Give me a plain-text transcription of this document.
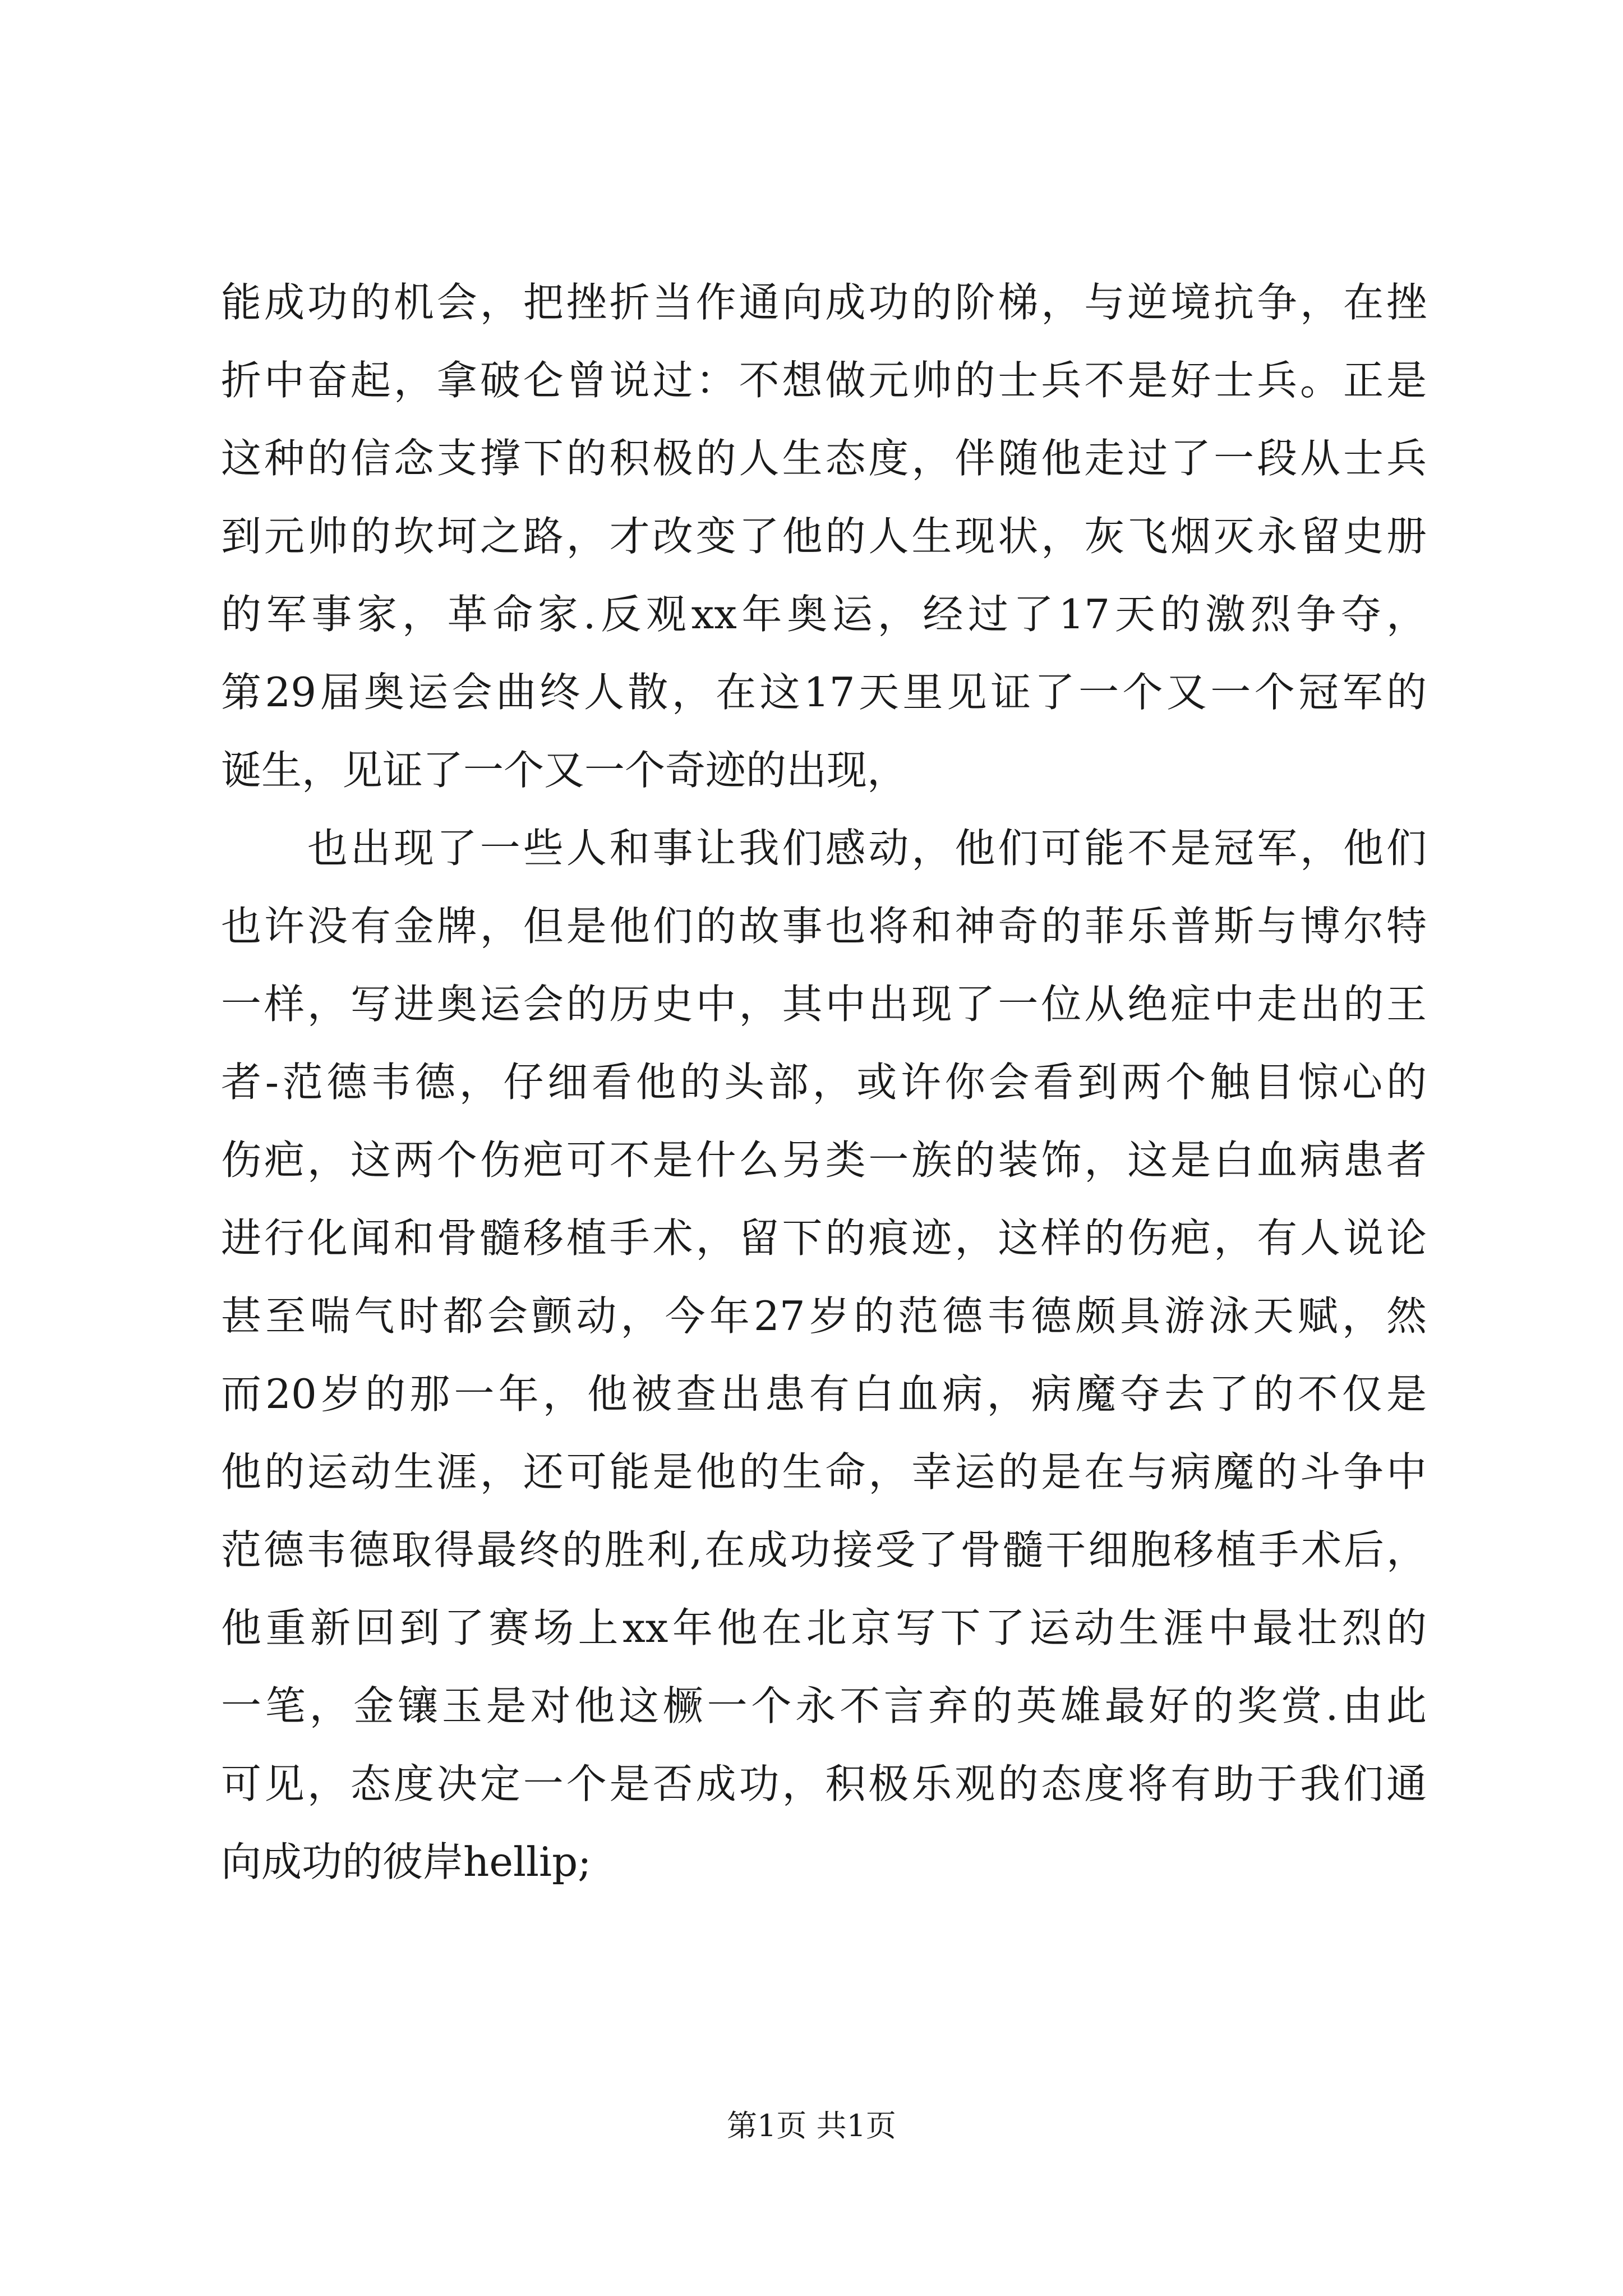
能成功的机会，把挫折当作通向成功的阶梯，与逆境抗争，在挫
折中奋起，拿破仑曾说过：不想做元帅的士兵不是好士兵。正是
这种的信念支撑下的积极的人生态度，伴随他走过了一段从士兵
到元帅的坎坷之路，才改变了他的人生现状，灰飞烟灭永留史册
的军事家，革命家.反观xx年奥运，经过了17天的激烈争夺，
第29届奥运会曲终人散，在这17天里见证了一个又一个冠军的
诞生，见证了一个又一个奇迹的出现，
　　也出现了一些人和事让我们感动，他们可能不是冠军，他们
也许没有金牌，但是他们的故事也将和神奇的菲乐普斯与博尔特
一样，写进奥运会的历史中，其中出现了一位从绝症中走出的王
者-范德韦德，仔细看他的头部，或许你会看到两个触目惊心的
伤疤，这两个伤疤可不是什么另类一族的装饰，这是白血病患者
进行化闻和骨髓移植手术，留下的痕迹，这样的伤疤，有人说论
甚至喘气时都会颤动，今年27岁的范德韦德颇具游泳天赋，然
而20岁的那一年，他被查出患有白血病，病魔夺去了的不仅是
他的运动生涯，还可能是他的生命，幸运的是在与病魔的斗争中
范德韦德取得最终的胜利,在成功接受了骨髓干细胞移植手术后，
他重新回到了赛场上xx年他在北京写下了运动生涯中最壮烈的
一笔，金镶玉是对他这橛一个永不言弃的英雄最好的奖赏.由此
可见，态度决定一个是否成功，积极乐观的态度将有助于我们通
向成功的彼岸hellip;
第1页 共1页
